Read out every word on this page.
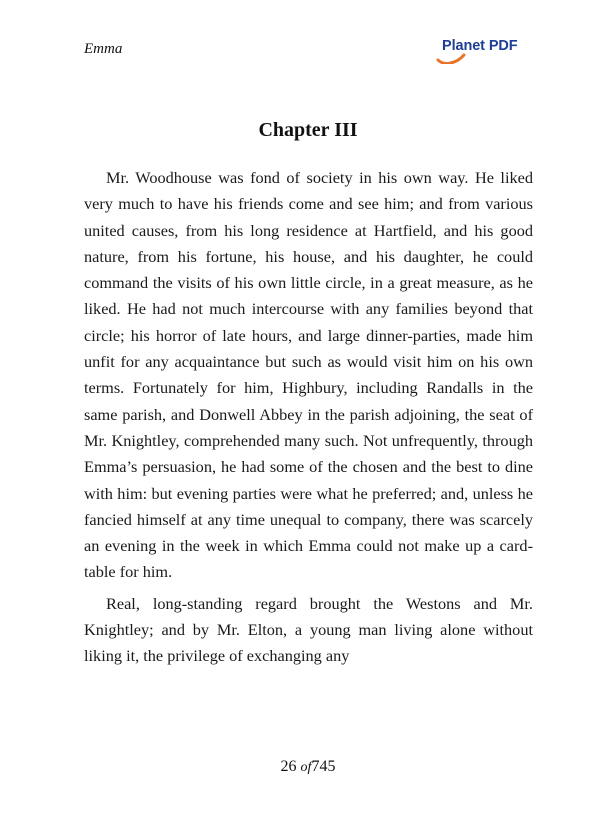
Emma	Planet PDF
Chapter III

Mr. Woodhouse was fond of society in his own way. He liked very much to have his friends come and see him; and from various united causes, from his long residence at Hartfield, and his good nature, from his fortune, his house, and his daughter, he could command the visits of his own little circle, in a great measure, as he liked. He had not much intercourse with any families beyond that circle; his horror of late hours, and large dinner-parties, made him unfit for any acquaintance but such as would visit him on his own terms. Fortunately for him, Highbury, including Randalls in the same parish, and Donwell Abbey in the parish adjoining, the seat of Mr. Knightley, comprehended many such. Not unfrequently, through Emma’s persuasion, he had some of the chosen and the best to dine with him: but evening parties were what he preferred; and, unless he fancied himself at any time unequal to company, there was scarcely an evening in the week in which Emma could not make up a card-table for him.

Real, long-standing regard brought the Westons and Mr. Knightley; and by Mr. Elton, a young man living alone without liking it, the privilege of exchanging any

26 of745
